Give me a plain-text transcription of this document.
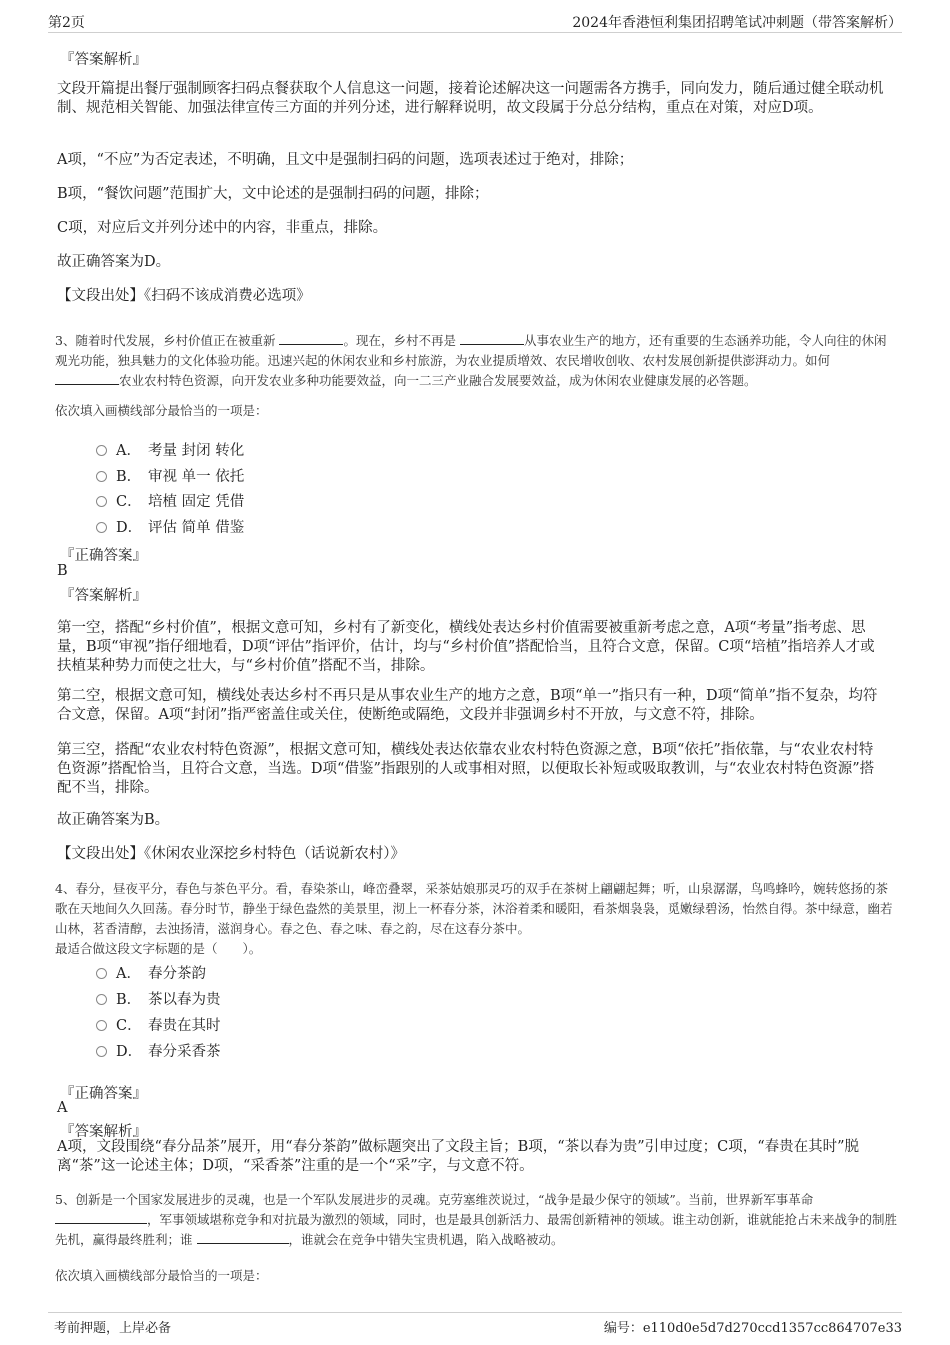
第2页	2024年香港恒利集团招聘笔试冲刺题（带答案解析）
『答案解析』
文段开篇提出餐厅强制顾客扫码点餐获取个人信息这一问题，接着论述解决这一问题需各方携手，同向发力，随后通过健全联动机制、规范相关智能、加强法律宣传三方面的并列分述，进行解释说明，故文段属于分总分结构，重点在对策，对应D项。
A项，“不应”为否定表述，不明确，且文中是强制扫码的问题，选项表述过于绝对，排除；
B项，“餐饮问题”范围扩大，文中论述的是强制扫码的问题，排除；
C项，对应后文并列分述中的内容，非重点，排除。
故正确答案为D。
【文段出处】《扫码不该成消费必选项》
3、随着时代发展，乡村价值正在被重新	。现在，乡村不再是	从事农业生产的地方，还有重要的生态涵养功能，令人向往的休闲观光功能，独具魅力的文化体验功能。迅速兴起的休闲农业和乡村旅游，为农业提质增效、农民增收创收、农村发展创新提供澎湃动力。如何 农业农村特色资源，向开发农业多种功能要效益，向一二三产业融合发展要效益，成为休闲农业健康发展的必答题。
依次填入画横线部分最恰当的一项是：
A． 考量 封闭 转化
B． 审视 单一 依托
C． 培植 固定 凭借
D． 评估 简单 借鉴
『正确答案』
B
『答案解析』
第一空，搭配“乡村价值”，根据文意可知，乡村有了新变化，横线处表达乡村价值需要被重新考虑之意，A项“考量”指考虑、思量，B项“审视”指仔细地看，D项“评估”指评价，估计，均与“乡村价值”搭配恰当，且符合文意，保留。C项“培植”指培养人才或扶植某种势力而使之壮大，与“乡村价值”搭配不当，排除。
第二空，根据文意可知，横线处表达乡村不再只是从事农业生产的地方之意，B项“单一”指只有一种，D项“简单”指不复杂，均符合文意，保留。A项“封闭”指严密盖住或关住，使断绝或隔绝，文段并非强调乡村不开放，与文意不符，排除。
第三空，搭配“农业农村特色资源”，根据文意可知，横线处表达依靠农业农村特色资源之意，B项“依托”指依靠，与“农业农村特色资源”搭配恰当，且符合文意，当选。D项“借鉴”指跟别的人或事相对照，以便取长补短或吸取教训，与“农业农村特色资源”搭配不当，排除。
故正确答案为B。
【文段出处】《休闲农业深挖乡村特色（话说新农村）》
4、春分，昼夜平分，春色与茶色平分。看，春染茶山，峰峦叠翠，采茶姑娘那灵巧的双手在茶树上翩翩起舞；听，山泉潺潺，鸟鸣蜂吟，婉转悠扬的茶歌在天地间久久回荡。春分时节，静坐于绿色盎然的美景里，沏上一杯春分茶，沐浴着柔和暖阳，看茶烟袅袅，觅嫩绿碧汤，怡然自得。茶中绿意，幽若山林，茗香清醇，去浊扬清，滋润身心。春之色、春之味、春之韵，尽在这春分茶中。
最适合做这段文字标题的是（　　）。
A． 春分茶韵
B． 茶以春为贵
C． 春贵在其时
D． 春分采香茶
『正确答案』
A
『答案解析』
A项，文段围绕“春分品茶”展开，用“春分茶韵”做标题突出了文段主旨；B项，“茶以春为贵”引申过度；C项，“春贵在其时”脱离“茶”这一论述主体；D项，“采香茶”注重的是一个“采”字，与文意不符。
5、创新是一个国家发展进步的灵魂，也是一个军队发展进步的灵魂。克劳塞维茨说过，“战争是最少保守的领域”。当前，世界新军事革命 ，军事领域堪称竞争和对抗最为激烈的领域，同时，也是最具创新活力、最需创新精神的领域。谁主动创新，谁就能抢占未来战争的制胜先机，赢得最终胜利；谁	，谁就会在竞争中错失宝贵机遇，陷入战略被动。
依次填入画横线部分最恰当的一项是：
考前押题，上岸必备	编号：e110d0e5d7d270ccd1357cc864707e33
